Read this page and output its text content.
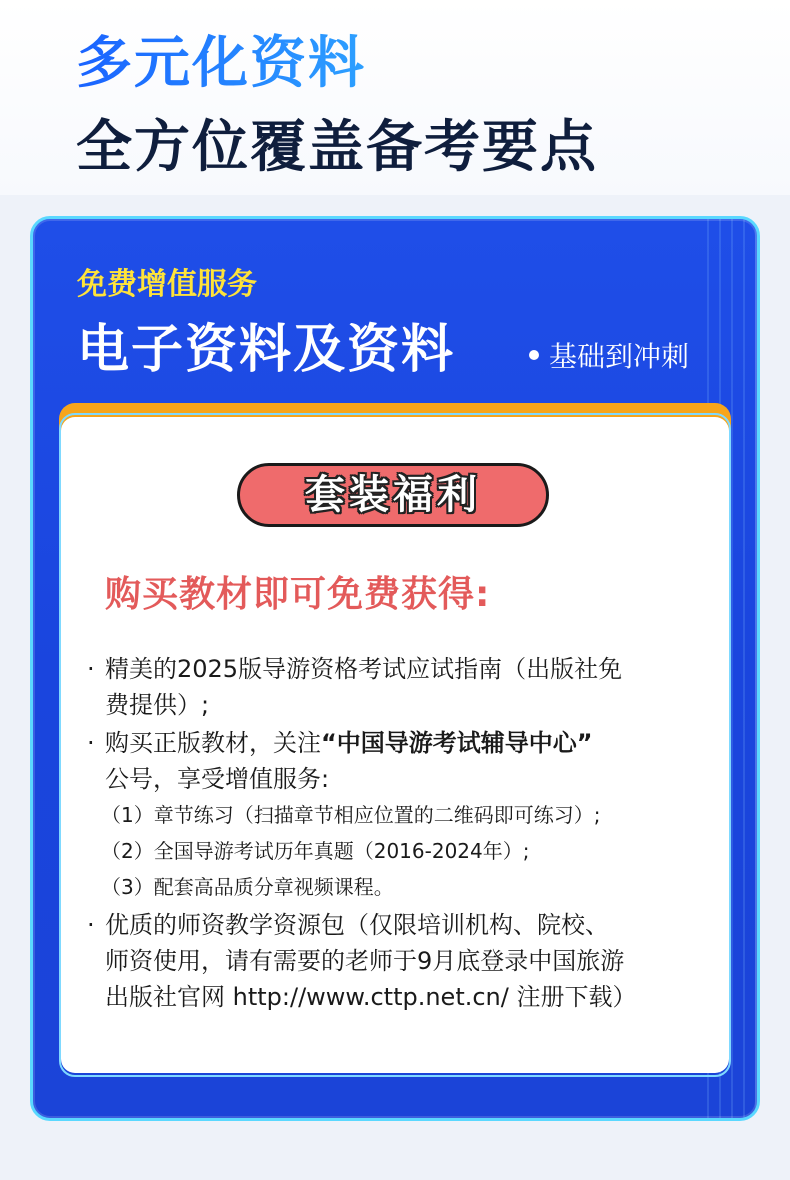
多元化资料
全方位覆盖备考要点

免费增值服务

电子资料及资料	基础到冲刺
套装福利

购买教材即可免费获得:

· 精美的2025版导游资格考试应试指南（出版社免
费提供）;
· 购买正版教材，关注“中国导游考试辅导中心”
公号，享受增值服务:
（1）章节练习（扫描章节相应位置的二维码即可练习）;
（2）全国导游考试历年真题（2016-2024年）;
（3）配套高品质分章视频课程。
· 优质的师资教学资源包（仅限培训机构、院校、
师资使用，请有需要的老师于9月底登录中国旅游
出版社官网 http://www.cttp.net.cn/ 注册下载）
